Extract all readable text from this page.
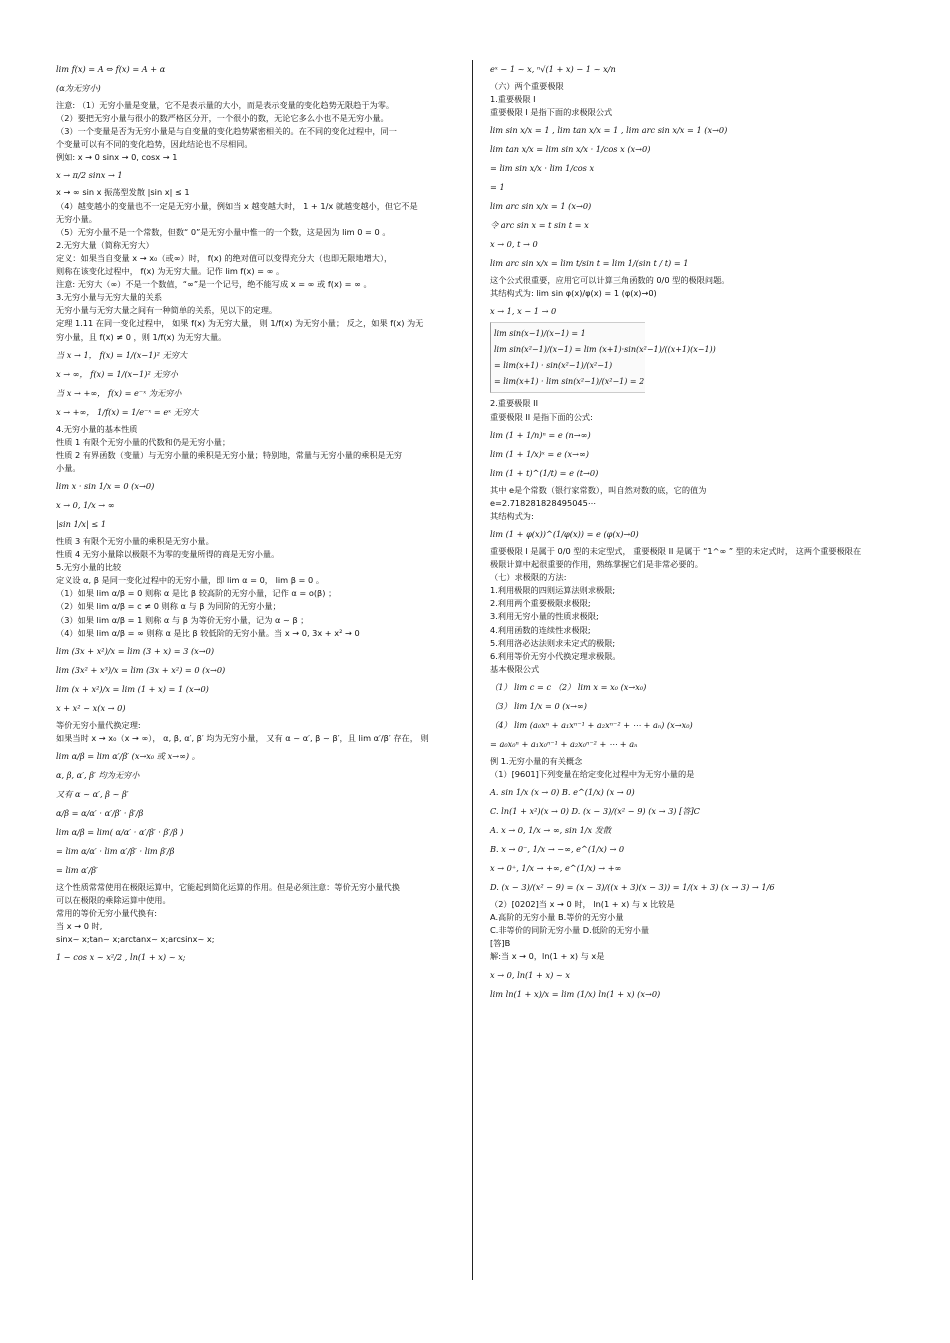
lim f(x) = A ⇔ f(x) = A + α
(α为无穷小)
注意: （1）无穷小量是变量，它不是表示量的大小，而是表示变量的变化趋势无限趋于为零。
（2）要把无穷小量与很小的数严格区分开，一个很小的数，无论它多么小也不是无穷小量。
（3）一个变量是否为无穷小量是与自变量的变化趋势紧密相关的。在不同的变化过程中，同一
个变量可以有不同的变化趋势，因此结论也不尽相同。
例如: x → 0 sinx → 0, cosx → 1
x → π/2 sinx → 1
x → ∞ sin x 振荡型发散 |sin x| ≤ 1
（4）越变越小的变量也不一定是无穷小量，例如当 x 越变越大时， 1 + 1/x 就越变越小，但它不是
无穷小量。
（5）无穷小量不是一个常数，但数“ 0”是无穷小量中惟一的一个数，这是因为 lim 0 = 0 。
2.无穷大量（简称无穷大）
定义：如果当自变量 x → x₀（或∞）时， f(x) 的绝对值可以变得充分大（也即无限地增大），
则称在该变化过程中， f(x) 为无穷大量。记作 lim f(x) = ∞ 。
注意: 无穷大（∞）不是一个数值，“∞”是一个记号，绝不能写成 x = ∞ 或 f(x) = ∞ 。
3.无穷小量与无穷大量的关系
无穷小量与无穷大量之间有一种简单的关系，见以下的定理。
定理 1.11 在同一变化过程中， 如果 f(x) 为无穷大量， 则 1/f(x) 为无穷小量； 反之，如果 f(x) 为无
穷小量，且 f(x) ≠ 0 ，则 1/f(x) 为无穷大量。
当 x → 1， f(x) = 1/(x−1)² 无穷大
x → ∞， f(x) = 1/(x−1)² 无穷小
当 x → +∞， f(x) = e⁻ˣ 为无穷小
x → +∞， 1/f(x) = 1/e⁻ˣ = eˣ 无穷大
4.无穷小量的基本性质
性质 1 有限个无穷小量的代数和仍是无穷小量；
性质 2 有界函数（变量）与无穷小量的乘积是无穷小量；特别地，常量与无穷小量的乘积是无穷
小量。
lim x · sin 1/x = 0 (x→0)
x → 0, 1/x → ∞
|sin 1/x| ≤ 1
性质 3 有限个无穷小量的乘积是无穷小量。
性质 4 无穷小量除以极限不为零的变量所得的商是无穷小量。
5.无穷小量的比较
定义设 α, β 是同一变化过程中的无穷小量，即 lim α = 0， lim β = 0 。
（1）如果 lim α/β = 0 则称 α 是比 β 较高阶的无穷小量，记作 α = o(β) ；
（2）如果 lim α/β = c ≠ 0 则称 α 与 β 为同阶的无穷小量；
（3）如果 lim α/β = 1 则称 α 与 β 为等价无穷小量，记为 α ~ β ；
（4）如果 lim α/β = ∞ 则称 α 是比 β 较低阶的无穷小量。当 x → 0, 3x + x² → 0
lim (3x + x²)/x = lim (3 + x) = 3 (x→0)
lim (3x² + x³)/x = lim (3x + x²) = 0 (x→0)
lim (x + x²)/x = lim (1 + x) = 1 (x→0)
x + x² ~ x(x → 0)
等价无穷小量代换定理:
如果当时 x → x₀（x → ∞）， α, β, α′, β′ 均为无穷小量， 又有 α ~ α′, β ~ β′，且 lim α′/β′ 存在， 则
lim α/β = lim α′/β′ (x→x₀ 或 x→∞) 。
α, β, α′, β′ 均为无穷小
又有 α ~ α′, β ~ β′
α/β = α/α′ · α′/β′ · β′/β
lim α/β = lim( α/α′ · α′/β′ · β′/β )
= lim α/α′ · lim α′/β′ · lim β′/β
= lim α′/β′
这个性质常常使用在极限运算中，它能起到简化运算的作用。但是必须注意：等价无穷小量代换
可以在极限的乘除运算中使用。
常用的等价无穷小量代换有:
当 x → 0 时,
sinx~ x;tan~ x;arctanx~ x;arcsinx~ x;
1 − cos x ~ x²/2 , ln(1 + x) ~ x;
eˣ − 1 ~ x, ⁿ√(1 + x) − 1 ~ x/n
（六）两个重要极限
1.重要极限 I
重要极限 I 是指下面的求极限公式
lim sin x/x = 1 , lim tan x/x = 1 , lim arc sin x/x = 1 (x→0)
lim tan x/x = lim sin x/x · 1/cos x (x→0)
= lim sin x/x · lim 1/cos x
= 1
lim arc sin x/x = 1 (x→0)
令 arc sin x = t sin t = x
x → 0, t → 0
lim arc sin x/x = lim t/sin t = lim 1/(sin t / t) = 1
这个公式很重要，应用它可以计算三角函数的 0/0 型的极限问题。
其结构式为: lim sin φ(x)/φ(x) = 1 (φ(x)→0)
x → 1, x − 1 → 0
lim sin(x−1)/(x−1) = 1
lim sin(x²−1)/(x−1) = lim (x+1)·sin(x²−1)/((x+1)(x−1))
= lim(x+1) · sin(x²−1)/(x²−1)
= lim(x+1) · lim sin(x²−1)/(x²−1) = 2
2.重要极限 II
重要极限 II 是指下面的公式:
lim (1 + 1/n)ⁿ = e (n→∞)
lim (1 + 1/x)ˣ = e (x→∞)
lim (1 + t)^(1/t) = e (t→0)
其中 e是个常数（银行家常数），叫自然对数的底，它的值为
e=2.718281828495045⋯
其结构式为:
lim (1 + φ(x))^(1/φ(x)) = e (φ(x)→0)
重要极限 I 是属于 0/0 型的未定型式， 重要极限 II 是属于 “1^∞ ” 型的未定式时， 这两个重要极限在
极限计算中起很重要的作用，熟练掌握它们是非常必要的。
（七）求极限的方法:
1.利用极限的四则运算法则求极限;
2.利用两个重要极限求极限;
3.利用无穷小量的性质求极限;
4.利用函数的连续性求极限;
5.利用洛必达法则求未定式的极限;
6.利用等价无穷小代换定理求极限。
基本极限公式
（1） lim c = c （2） lim x = x₀ (x→x₀)
（3） lim 1/x = 0 (x→∞)
（4） lim (a₀xⁿ + a₁xⁿ⁻¹ + a₂xⁿ⁻² + ⋯ + aₙ) (x→x₀)
= a₀x₀ⁿ + a₁x₀ⁿ⁻¹ + a₂x₀ⁿ⁻² + ⋯ + aₙ
例 1.无穷小量的有关概念
（1）[9601]下列变量在给定变化过程中为无穷小量的是
A. sin 1/x (x → 0) B. e^(1/x) (x → 0)
C. ln(1 + x²)(x → 0) D. (x − 3)/(x² − 9) (x → 3) [答]C
A. x → 0, 1/x → ∞, sin 1/x 发散
B. x → 0⁻, 1/x → −∞, e^(1/x) → 0
x → 0⁺, 1/x → +∞, e^(1/x) → +∞
D. (x − 3)/(x² − 9) = (x − 3)/((x + 3)(x − 3)) = 1/(x + 3) (x → 3) → 1/6
（2）[0202]当 x → 0 时， ln(1 + x) 与 x 比较是
A.高阶的无穷小量 B.等价的无穷小量
C.非等价的同阶无穷小量 D.低阶的无穷小量
[答]B
解:当 x → 0，ln(1 + x) 与 x是
x → 0, ln(1 + x) ~ x
lim ln(1 + x)/x = lim (1/x) ln(1 + x) (x→0)
